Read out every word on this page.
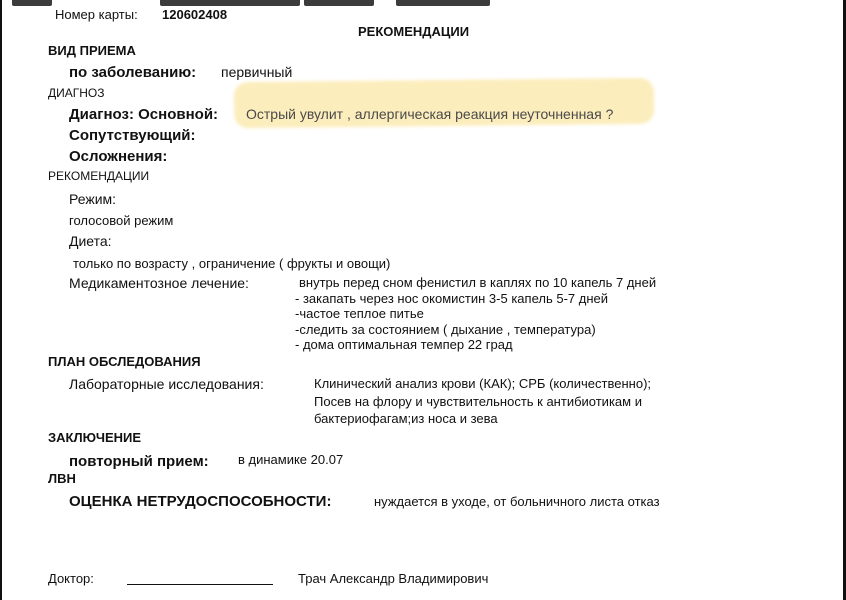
Номер карты: 120602408
РЕКОМЕНДАЦИИ
ВИД ПРИЕМА
по заболеванию: первичный
ДИАГНОЗ
Диагноз: Основной: Острый увулит , аллергическая реакция неуточненная ?
Сопутствующий:
Осложнения:
РЕКОМЕНДАЦИИ
Режим:
голосовой режим
Диета:
только по возрасту , ограничение ( фрукты и овощи)
Медикаментозное лечение:	внутрь перед сном фенистил в каплях по 10 капель 7 дней
- закапать через нос окомистин 3-5 капель 5-7 дней
-частое теплое питье
-следить за состоянием ( дыхание , температура)
- дома оптимальная темпер 22 град
ПЛАН ОБСЛЕДОВАНИЯ
Лабораторные исследования:	Клинический анализ крови (КАК); СРБ (количественно);
Посев на флору и чувствительность к антибиотикам и
бактериофагам;из носа и зева
ЗАКЛЮЧЕНИЕ
повторный прием: в динамике 20.07
ЛВН
ОЦЕНКА НЕТРУДОСПОСОБНОСТИ:	нуждается в уходе, от больничного листа отказ
Доктор:	Трач Александр Владимирович
